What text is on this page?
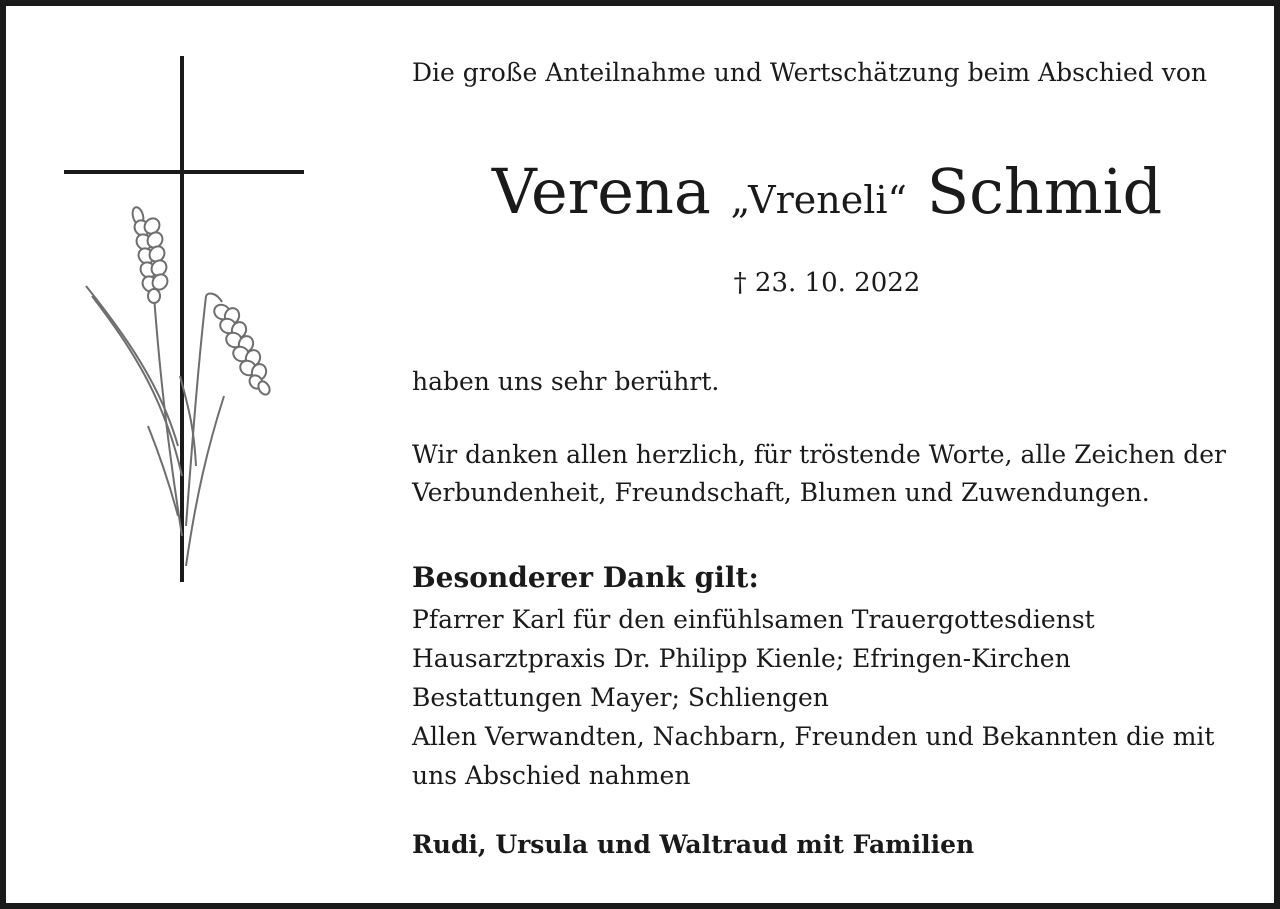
Die große Anteilnahme und Wertschätzung beim Abschied von
Verena „Vreneli“ Schmid
† 23. 10. 2022
haben uns sehr berührt.
Wir danken allen herzlich, für tröstende Worte, alle Zeichen der
Verbundenheit, Freundschaft, Blumen und Zuwendungen.
Besonderer Dank gilt:
Pfarrer Karl für den einfühlsamen Trauergottesdienst
Hausarztpraxis Dr. Philipp Kienle; Efringen-Kirchen
Bestattungen Mayer; Schliengen
Allen Verwandten, Nachbarn, Freunden und Bekannten die mit
uns Abschied nahmen
Rudi, Ursula und Waltraud mit Familien
